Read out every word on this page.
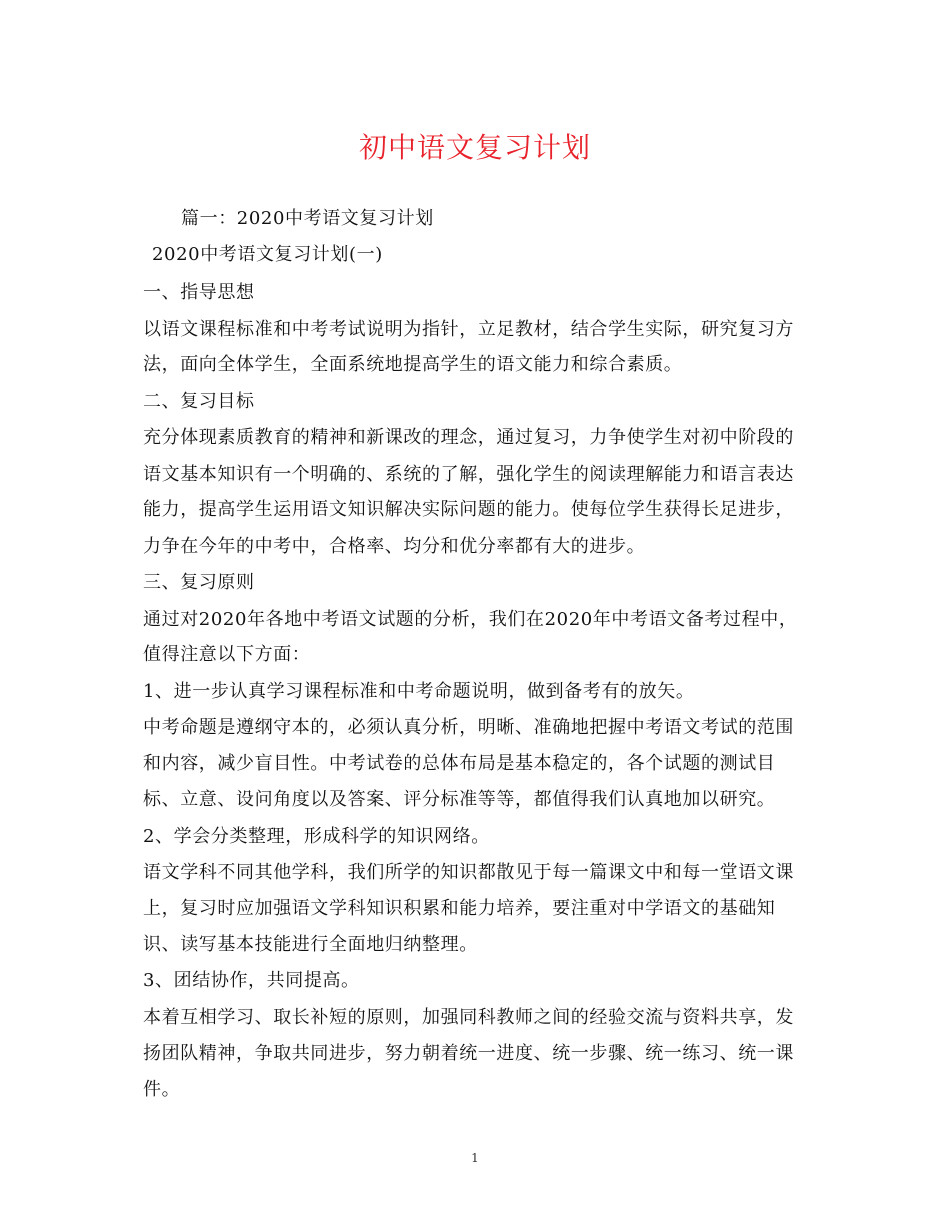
初中语文复习计划
篇一：2020中考语文复习计划
2020中考语文复习计划(一)
一、指导思想
以语文课程标准和中考考试说明为指针，立足教材，结合学生实际，研究复习方
法，面向全体学生，全面系统地提高学生的语文能力和综合素质。
二、复习目标
充分体现素质教育的精神和新课改的理念，通过复习，力争使学生对初中阶段的
语文基本知识有一个明确的、系统的了解，强化学生的阅读理解能力和语言表达
能力，提高学生运用语文知识解决实际问题的能力。使每位学生获得长足进步，
力争在今年的中考中，合格率、均分和优分率都有大的进步。
三、复习原则
通过对2020年各地中考语文试题的分析，我们在2020年中考语文备考过程中，
值得注意以下方面：
1、进一步认真学习课程标准和中考命题说明，做到备考有的放矢。
中考命题是遵纲守本的，必须认真分析，明晰、准确地把握中考语文考试的范围
和内容，减少盲目性。中考试卷的总体布局是基本稳定的，各个试题的测试目
标、立意、设问角度以及答案、评分标准等等，都值得我们认真地加以研究。
2、学会分类整理，形成科学的知识网络。
语文学科不同其他学科，我们所学的知识都散见于每一篇课文中和每一堂语文课
上，复习时应加强语文学科知识积累和能力培养，要注重对中学语文的基础知
识、读写基本技能进行全面地归纳整理。
3、团结协作，共同提高。
本着互相学习、取长补短的原则，加强同科教师之间的经验交流与资料共享，发
扬团队精神，争取共同进步，努力朝着统一进度、统一步骤、统一练习、统一课
件。
1
